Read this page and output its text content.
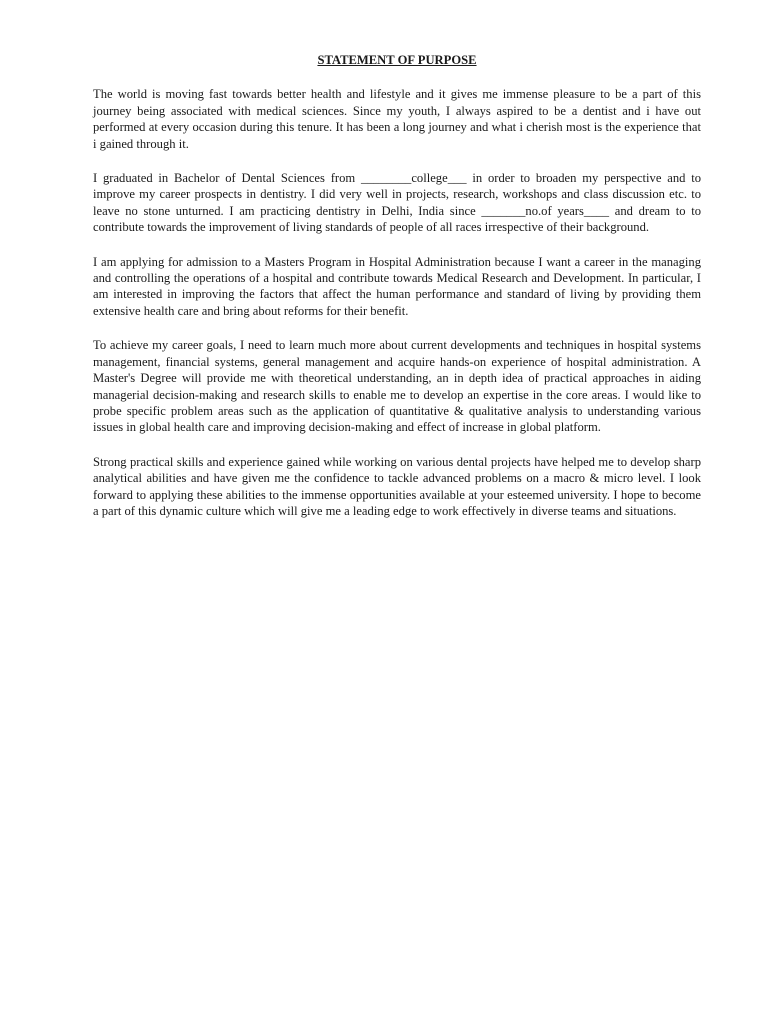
STATEMENT OF PURPOSE

The world is moving fast towards better health and lifestyle and it gives me immense pleasure to be a part of this journey being associated with medical sciences. Since my youth, I always aspired to be a dentist and i have out performed at every occasion during this tenure. It has been a long journey and what i cherish most is the experience that i gained through it.

I graduated in Bachelor of Dental Sciences from ________college___ in order to broaden my perspective and to improve my career prospects in dentistry. I did very well in projects, research, workshops and class discussion etc. to leave no stone unturned. I am practicing dentistry in Delhi, India since _______no.of years____ and dream to to contribute towards the improvement of living standards of people of all races irrespective of their background.

I am applying for admission to a Masters Program in Hospital Administration because I want a career in the managing and controlling the operations of a hospital and contribute towards Medical Research and Development. In particular, I am interested in improving the factors that affect the human performance and standard of living by providing them extensive health care and bring about reforms for their benefit.

To achieve my career goals, I need to learn much more about current developments and techniques in hospital systems management, financial systems, general management and acquire hands-on experience of hospital administration. A Master's Degree will provide me with theoretical understanding, an in depth idea of practical approaches in aiding managerial decision-making and research skills to enable me to develop an expertise in the core areas. I would like to probe specific problem areas such as the application of quantitative & qualitative analysis to understanding various issues in global health care and improving decision-making and effect of increase in global platform.

Strong practical skills and experience gained while working on various dental projects have helped me to develop sharp analytical abilities and have given me the confidence to tackle advanced problems on a macro & micro level. I look forward to applying these abilities to the immense opportunities available at your esteemed university. I hope to become a part of this dynamic culture which will give me a leading edge to work effectively in diverse teams and situations.
